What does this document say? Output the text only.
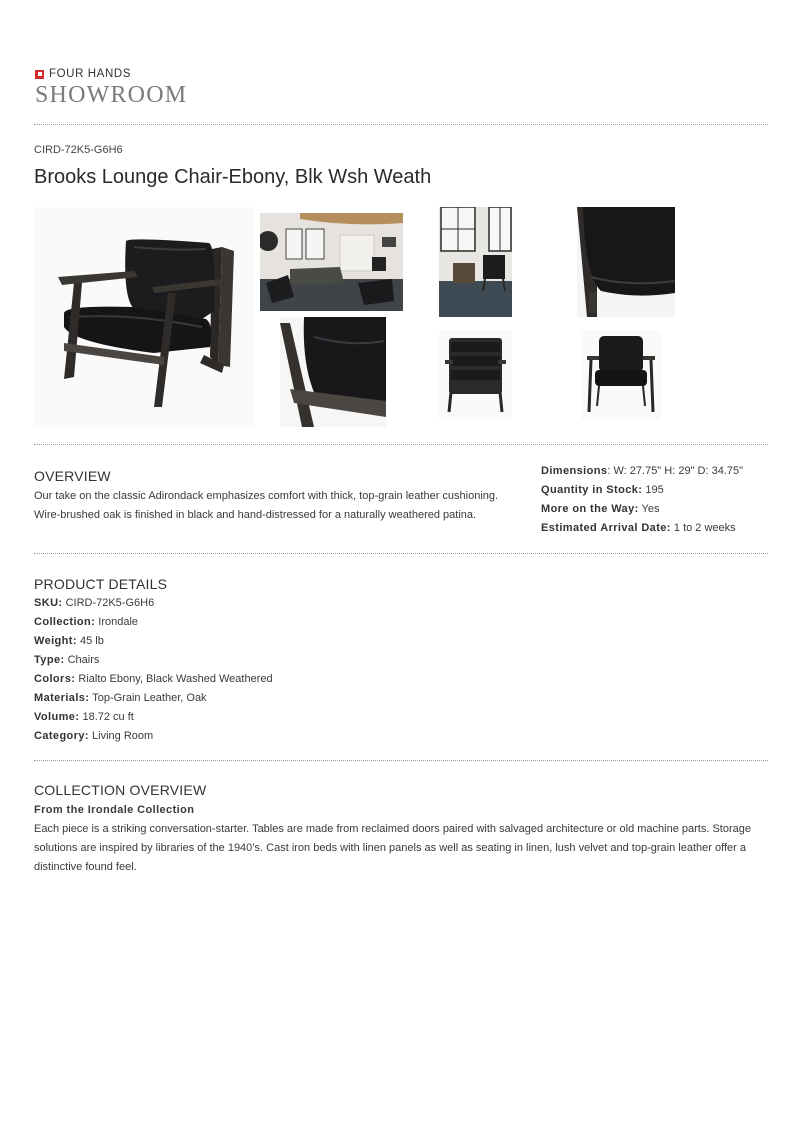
FOUR HANDS
SHOWROOM
CIRD-72K5-G6H6
Brooks Lounge Chair-Ebony, Blk Wsh Weath
OVERVIEW
Our take on the classic Adirondack emphasizes comfort with thick, top-grain leather cushioning. Wire-brushed oak is finished in black and hand-distressed for a naturally weathered patina.
Dimensions: W: 27.75" H: 29" D: 34.75"
Quantity in Stock: 195
More on the Way: Yes
Estimated Arrival Date: 1 to 2 weeks
PRODUCT DETAILS
SKU: CIRD-72K5-G6H6
Collection: Irondale
Weight: 45 lb
Type: Chairs
Colors: Rialto Ebony, Black Washed Weathered
Materials: Top-Grain Leather, Oak
Volume: 18.72 cu ft
Category: Living Room
COLLECTION OVERVIEW
From the Irondale Collection
Each piece is a striking conversation-starter. Tables are made from reclaimed doors paired with salvaged architecture or old machine parts. Storage solutions are inspired by libraries of the 1940’s. Cast iron beds with linen panels as well as seating in linen, lush velvet and top-grain leather offer a distinctive found feel.
